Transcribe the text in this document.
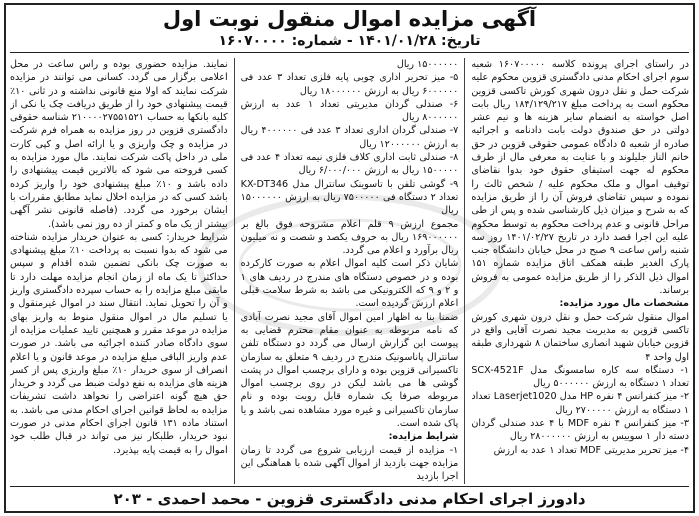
آگهی مزایده اموال منقول نوبت اول
تاریخ: ۱۴۰۱/۰۱/۲۸ - شماره: ۱۶۰۷۰۰۰۰

در راستای اجرای پرونده کلاسه ۱۶۰۷۰۰۰۰۰ شعبه سوم اجرای احکام مدنی دادگستری قزوین محکوم علیه شرکت حمل و نقل درون شهری کورش تاکسی قزوین محکوم است به پرداخت مبلغ ۱۸۴/۱۲۹/۲۱۷ ریال بابت اصل خواسته به انضمام سایر هزینه ها و نیم عشر دولتی در حق صندوق دولت بابت دادنامه و اجرائیه صادره از شعبه ۵ دادگاه عمومی حقوقی قزوین در حق خانم الناز جلیلوند و با عنایت به معرفی مال از طرف محکوم له جهت استیفای حقوق خود بدوا نقاضای توقیف اموال و ملک محکوم علیه / شخص ثالث را نموده و سپس تقاضای فروش آن را از طریق مزایده که به شرح و میزان ذیل کارشناسی شده و پس از طی مراحل قانونی و عدم پرداخت محکوم به توسط محکوم علیه این اجرا قصد دارد در تاریخ ۱۴۰۱/۰۲/۲۷ روز سه شنبه راس ساعت ۹ صبح در محل خیابان دانشگاه جنب پارک الغدیر طبقه همکف اتاق مزایده شماره ۱۵۱ اموال ذیل الذکر را از طریق مزایده عمومی به فروش برساند.

مشخصات مال مورد مزایده:

اموال منقول شرکت حمل و نقل درون شهری کورش تاکسی قزوین به مدیریت مجید نصرت آقایی واقع در قزوین خیابان شهید انصاری ساختمان ۸ شهرداری طبقه اول واحد ۴

۱- دستگاه سه کاره سامسونگ مدل SCX-4521F تعداد ۱ دستگاه به ارزش ۵۰۰۰۰۰۰ ریال

۲- میز کنفرانس ۴ نفره HP مدل Laserjet1020 تعداد ۱ دستگاه به ارزش ۲۷۰۰۰۰۰ ریال

۳- میز کنفرانس ۴ نفره MDF با ۴ عدد صندلی گردان دسته دار ۱ سوییس به ارزش ۲۸۰۰۰۰۰۰ ریال

۴- میز تحریر مدیریتی MDF تعداد ۱ عدد به ارزش

۱۵۰۰۰۰۰۰ ریال

۵- میز تحریر اداری چوبی پایه فلزی تعداد ۳ عدد فی ۶۰۰۰۰۰۰ ریال به ارزش ۱۸۰۰۰۰۰۰ ریال

۶- صندلی گردان مدیریتی تعداد ۱ عدد به ارزش ۸۰۰۰۰۰۰ ریال

۷- صندلی گردان اداری تعداد ۳ عدد فی ۴۰۰۰۰۰۰ ریال به ارزش ۱۲۰۰۰۰۰۰ ریال

۸- صندلی ثابت اداری کلاف فلزی نیمه تعداد ۴ عدد فی ۱۵۰۰۰۰۰ ریال به ارزش ۶/۰۰۰/۰۰۰ ریال

۹- گوشی تلفن با تاسوینک سانترال مدل KX-DT346 تعداد ۲ دستگاه فی ۷۵۰۰۰۰۰ ریال به ارزش ۱۵۰۰۰۰۰۰ ریال

مجموع ارزش ۹ قلم اعلام مشروحه فوق بالغ بر ۱۶۹۰۰۰۰۰۰ ریال به حروف یکصد و شصت و نه میلیون ریال برآورد و اعلام می گردد.

شایان ذکر است کلیه اموال اعلام به صورت کارکرده بوده و در خصوص دستگاه های مندرج در ردیف های ۱ و ۲ و ۹ که الکترونیکی می باشد به شرط سلامت قبلی اعلام ارزش گردیده است.

ضمنا بنا به اظهار امین اموال آقای مجید نصرت آبادی که نامه مربوطه به عنوان مقام محترم قضایی به پیوست این گزارش ارسال می گردد دو دستگاه تلفن سانترال پاناسونیک مندرج در ردیف ۹ متعلق به سازمان تاکسیرانی قزوین بوده و دارای برچسب اموال در پشت گوشی ها می باشد لیکن در روی برچسب اموال مربوطه صرفا یک شماره قابل رویت بوده و نام سازمان تاکسیرانی و غیره مورد مشاهده نمی باشد و یا پاک شده است.

شرایط مزایده:

۱- مزایده از قیمت ارزیابی شروع می گردد تا زمان مزایده جهت بازدید از اموال آگهی شده با هماهنگی این اجرا بازدید

نمایند. مزایده حضوری بوده و راس ساعت در محل اعلامی برگزار می گردد. کسانی می توانند در مزایده شرکت نمایند که اولا منع قانونی نداشته و در ثانی ۱۰٪ قیمت پیشنهادی خود را از طریق دریافت چک یا نکی از کلیه بانکها به حساب ۲۱۰۰۰۰۲۷۵۵۱۵۲۱ شناسه حقوقی دادگستری قزوین در روز مزایده به همراه فرم شرکت در مزایده و چک واریزی و یا ارائه اصل و کپی کارت ملی در داخل پاکت شرکت نمایند. مال مورد مزایده به کسی فروخته می شود که بالاترین قیمت پیشنهادی را داده باشد و ۱۰٪ مبلغ پیشنهادی خود را واریز کرده باشد کسی که در مزایده اخلال نماید مطابق مقررات با ایشان برخورد می گردد. (فاصله قانونی نشر آگهی بیشتر از یک ماه و کمتر از ده روز نمی باشد).

شرایط خریدار: کسی به عنوان خریدار مزایده شناخته می شود که بدوا نسبت به پرداخت ۱۰٪ مبلغ پیشنهادی به صورت چک بانکی تضمین شده اقدام و سپس حداکثر تا یک ماه از زمان انجام مزایده مهلت دارد تا مابقی مبلغ مزایده را به حساب سپرده دادگستری واریز و آن را تحویل نماید. انتقال سند در اموال غیرمنقول و یا تسلیم مال در اموال منقول منوط به واریز بهای مزایده در موعد مقرر و همچنین تایید عملیات مزایده از سوی دادگاه صادر کننده اجرائیه می باشد. در صورت عدم واریز الباقی مبلغ مزایده در موعد قانون و یا اعلام انصراف از سوی خریدار ۱۰٪ مبلغ واریزی پس از کسر هزینه های مزایده به نفع دولت ضبط می گردد و خریدار حق هیچ گونه اعتراضی را نخواهد داشت تشریفات مزایده به لحاظ قوانین اجرای احکام مدنی می باشد. به استناد ماده ۱۳۱ قانون اجرای احکام مدنی در صورت نبود خریدار، طلبکار نیز می تواند در قبال طلب خود اموال را به قیمت پایه بپذیرد.

دادورز اجرای احکام مدنی دادگستری قزوین - محمد احمدی - ۲۰۳
